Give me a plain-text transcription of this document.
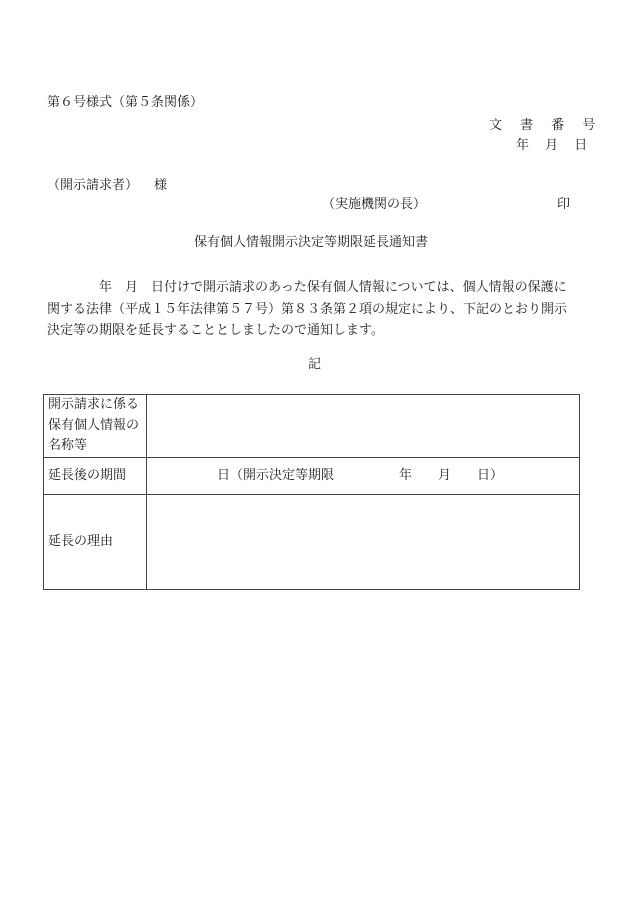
第６号様式（第５条関係）
文 書 番 号
年 月 日
（開示請求者） 様
（実施機関の長）	印
保有個人情報開示決定等期限延長通知書
年　月　日付けで開示請求のあった保有個人情報については、個人情報の保護に
関する法律（平成１５年法律第５７号）第８３条第２項の規定により、下記のとおり開示
決定等の期限を延長することとしましたので通知します。
記
開示請求に係る
保有個人情報の
名称等	

延長後の期間	日（開示決定等期限　　　　　年　　月　　日）
延長の理由	
